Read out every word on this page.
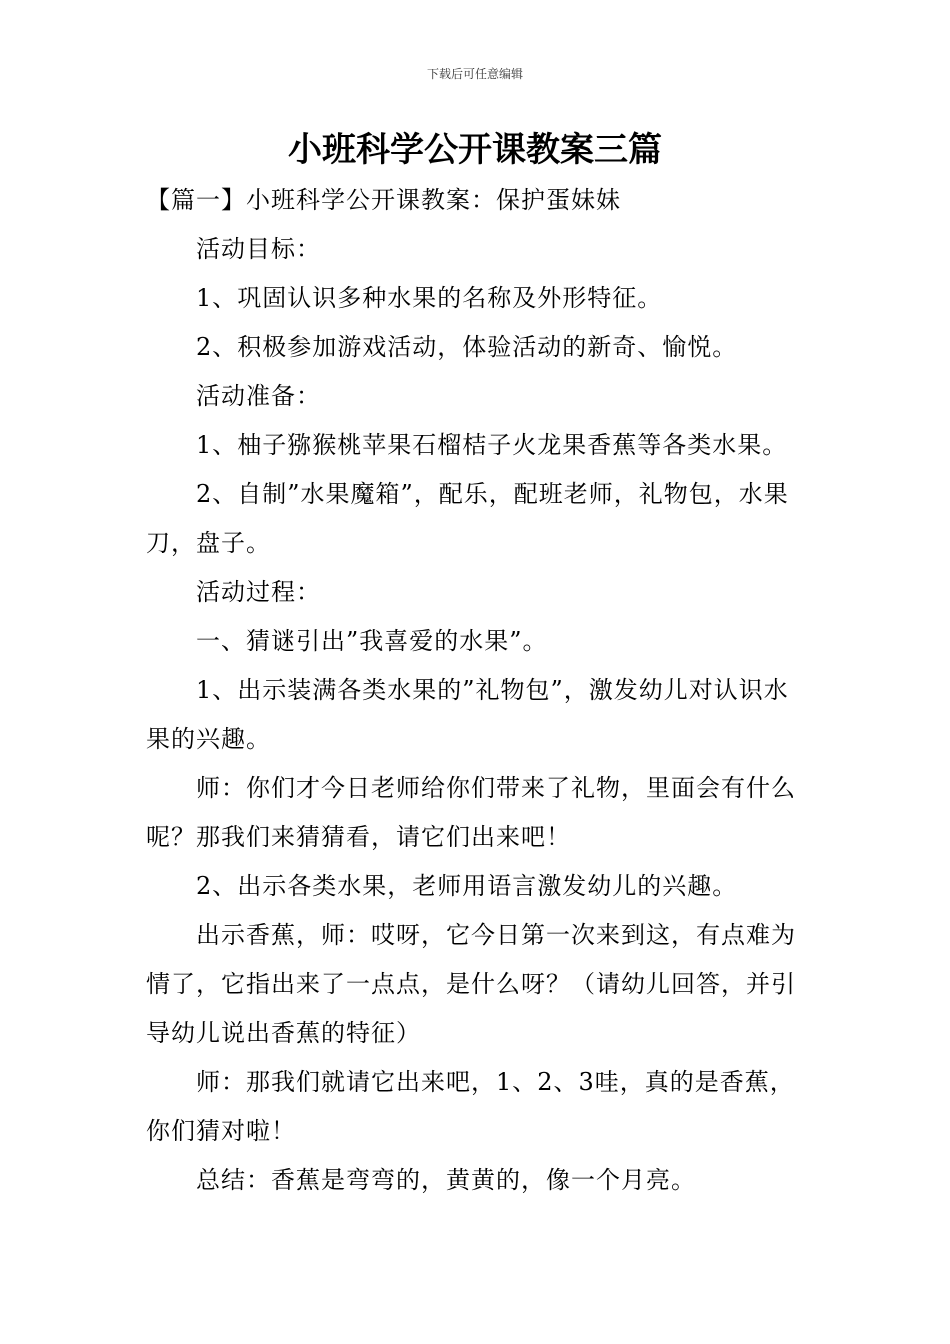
下载后可任意编辑
小班科学公开课教案三篇

【篇一】小班科学公开课教案：保护蛋妹妹

活动目标：

1、巩固认识多种水果的名称及外形特征。

2、积极参加游戏活动，体验活动的新奇、愉悦。

活动准备：

1、柚子猕猴桃苹果石榴桔子火龙果香蕉等各类水果。

2、自制”水果魔箱”，配乐，配班老师，礼物包，水果刀，盘子。

活动过程：

一、猜谜引出”我喜爱的水果”。

1、出示装满各类水果的”礼物包”，激发幼儿对认识水果的兴趣。

师：你们才今日老师给你们带来了礼物，里面会有什么呢？那我们来猜猜看，请它们出来吧！

2、出示各类水果，老师用语言激发幼儿的兴趣。

出示香蕉，师：哎呀，它今日第一次来到这，有点难为情了，它指出来了一点点，是什么呀？（请幼儿回答，并引导幼儿说出香蕉的特征）

师：那我们就请它出来吧，1、2、3哇，真的是香蕉，你们猜对啦！

总结：香蕉是弯弯的，黄黄的，像一个月亮。
